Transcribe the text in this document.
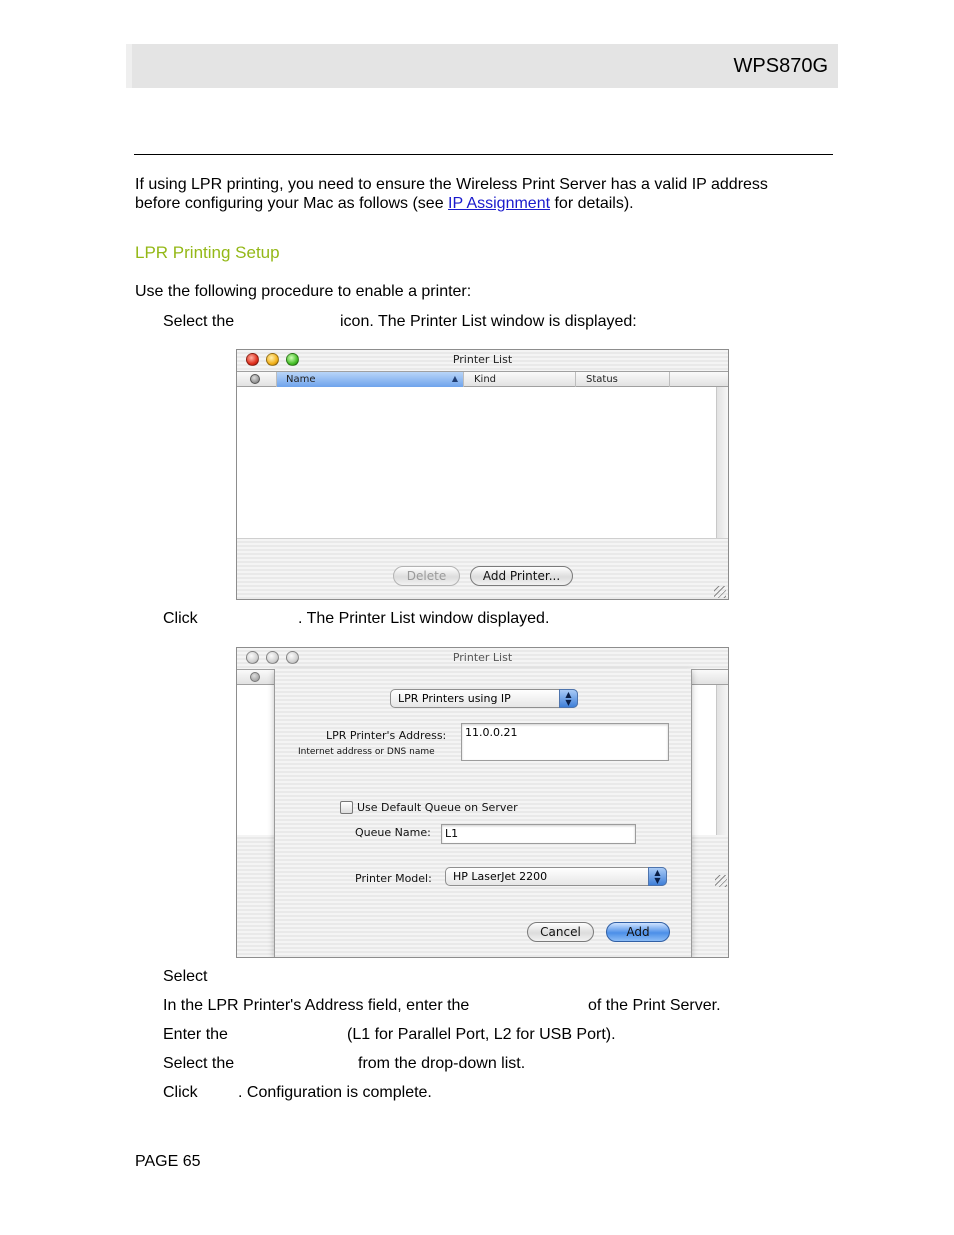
WPS870G
If using LPR printing, you need to ensure the Wireless Print Server has a valid IP address
before configuring your Mac as follows (see IP Assignment for details).
LPR Printing Setup
Use the following procedure to enable a printer:
Select the	icon. The Printer List window is displayed:
Printer List
Name	▲	Kind	Status
Delete	Add Printer...
Click	. The Printer List window displayed.
Printer List
LPR Printers using IP	▲
▼
LPR Printer's Address:
Internet address or DNS name
11.0.0.21
Use Default Queue on Server
Queue Name:	L1
Printer Model:	HP LaserJet 2200	▲
▼
Cancel	Add
Select
In the LPR Printer's Address field, enter the	of the Print Server.
Enter the	(L1 for Parallel Port, L2 for USB Port).
Select the	from the drop-down list.
Click	. Configuration is complete.
PAGE 65
